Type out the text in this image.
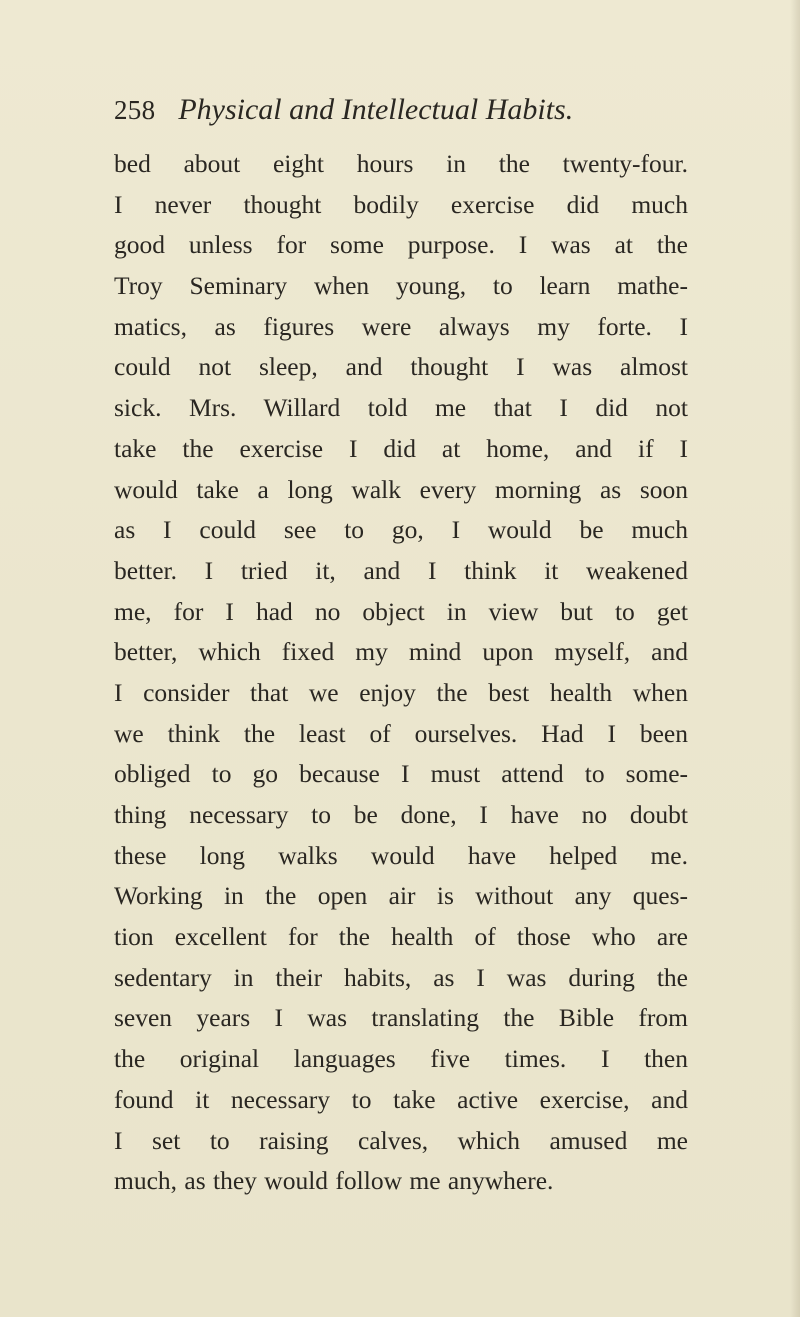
258 Physical and Intellectual Habits.
bed about eight hours in the twenty-four.
I never thought bodily exercise did much
good unless for some purpose. I was at the
Troy Seminary when young, to learn mathe-
matics, as figures were always my forte. I
could not sleep, and thought I was almost
sick. Mrs. Willard told me that I did not
take the exercise I did at home, and if I
would take a long walk every morning as soon
as I could see to go, I would be much
better. I tried it, and I think it weakened
me, for I had no object in view but to get
better, which fixed my mind upon myself, and
I consider that we enjoy the best health when
we think the least of ourselves. Had I been
obliged to go because I must attend to some-
thing necessary to be done, I have no doubt
these long walks would have helped me.
Working in the open air is without any ques-
tion excellent for the health of those who are
sedentary in their habits, as I was during the
seven years I was translating the Bible from
the original languages five times. I then
found it necessary to take active exercise, and
I set to raising calves, which amused me
much, as they would follow me anywhere.
